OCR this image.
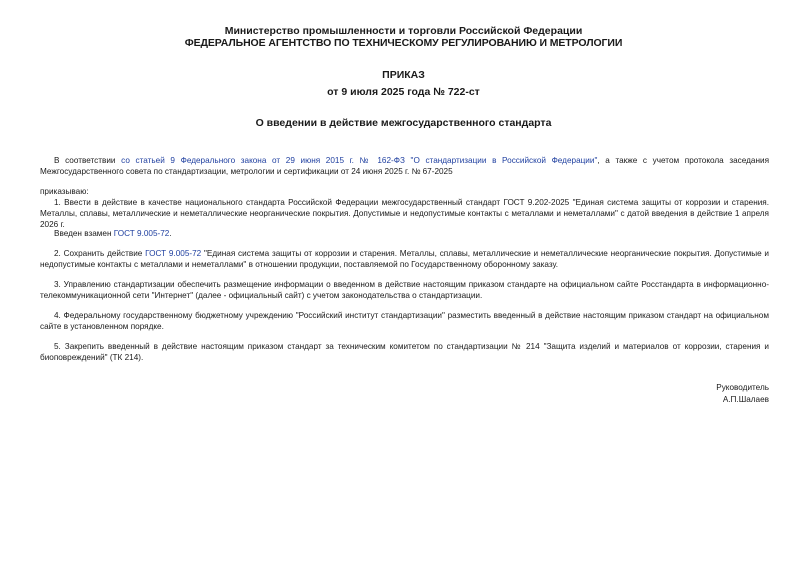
Министерство промышленности и торговли Российской Федерации
ФЕДЕРАЛЬНОЕ АГЕНТСТВО ПО ТЕХНИЧЕСКОМУ РЕГУЛИРОВАНИЮ И МЕТРОЛОГИИ
ПРИКАЗ
от 9 июля 2025 года № 722-ст
О введении в действие межгосударственного стандарта
В соответствии со статьей 9 Федерального закона от 29 июня 2015 г. № 162-ФЗ "О стандартизации в Российской Федерации", а также с учетом протокола заседания Межгосударственного совета по стандартизации, метрологии и сертификации от 24 июня 2025 г. № 67-2025
приказываю:
1. Ввести в действие в качестве национального стандарта Российской Федерации межгосударственный стандарт ГОСТ 9.202-2025 "Единая система защиты от коррозии и старения. Металлы, сплавы, металлические и неметаллические неорганические покрытия. Допустимые и недопустимые контакты с металлами и неметаллами" с датой введения в действие 1 апреля 2026 г.
Введен взамен ГОСТ 9.005-72.
2. Сохранить действие ГОСТ 9.005-72 "Единая система защиты от коррозии и старения. Металлы, сплавы, металлические и неметаллические неорганические покрытия. Допустимые и недопустимые контакты с металлами и неметаллами" в отношении продукции, поставляемой по Государственному оборонному заказу.
3. Управлению стандартизации обеспечить размещение информации о введенном в действие настоящим приказом стандарте на официальном сайте Росстандарта в информационно-телекоммуникационной сети "Интернет" (далее - официальный сайт) с учетом законодательства о стандартизации.
4. Федеральному государственному бюджетному учреждению "Российский институт стандартизации" разместить введенный в действие настоящим приказом стандарт на официальном сайте в установленном порядке.
5. Закрепить введенный в действие настоящим приказом стандарт за техническим комитетом по стандартизации № 214 "Защита изделий и материалов от коррозии, старения и биоповреждений" (ТК 214).
Руководитель
А.П.Шалаев
